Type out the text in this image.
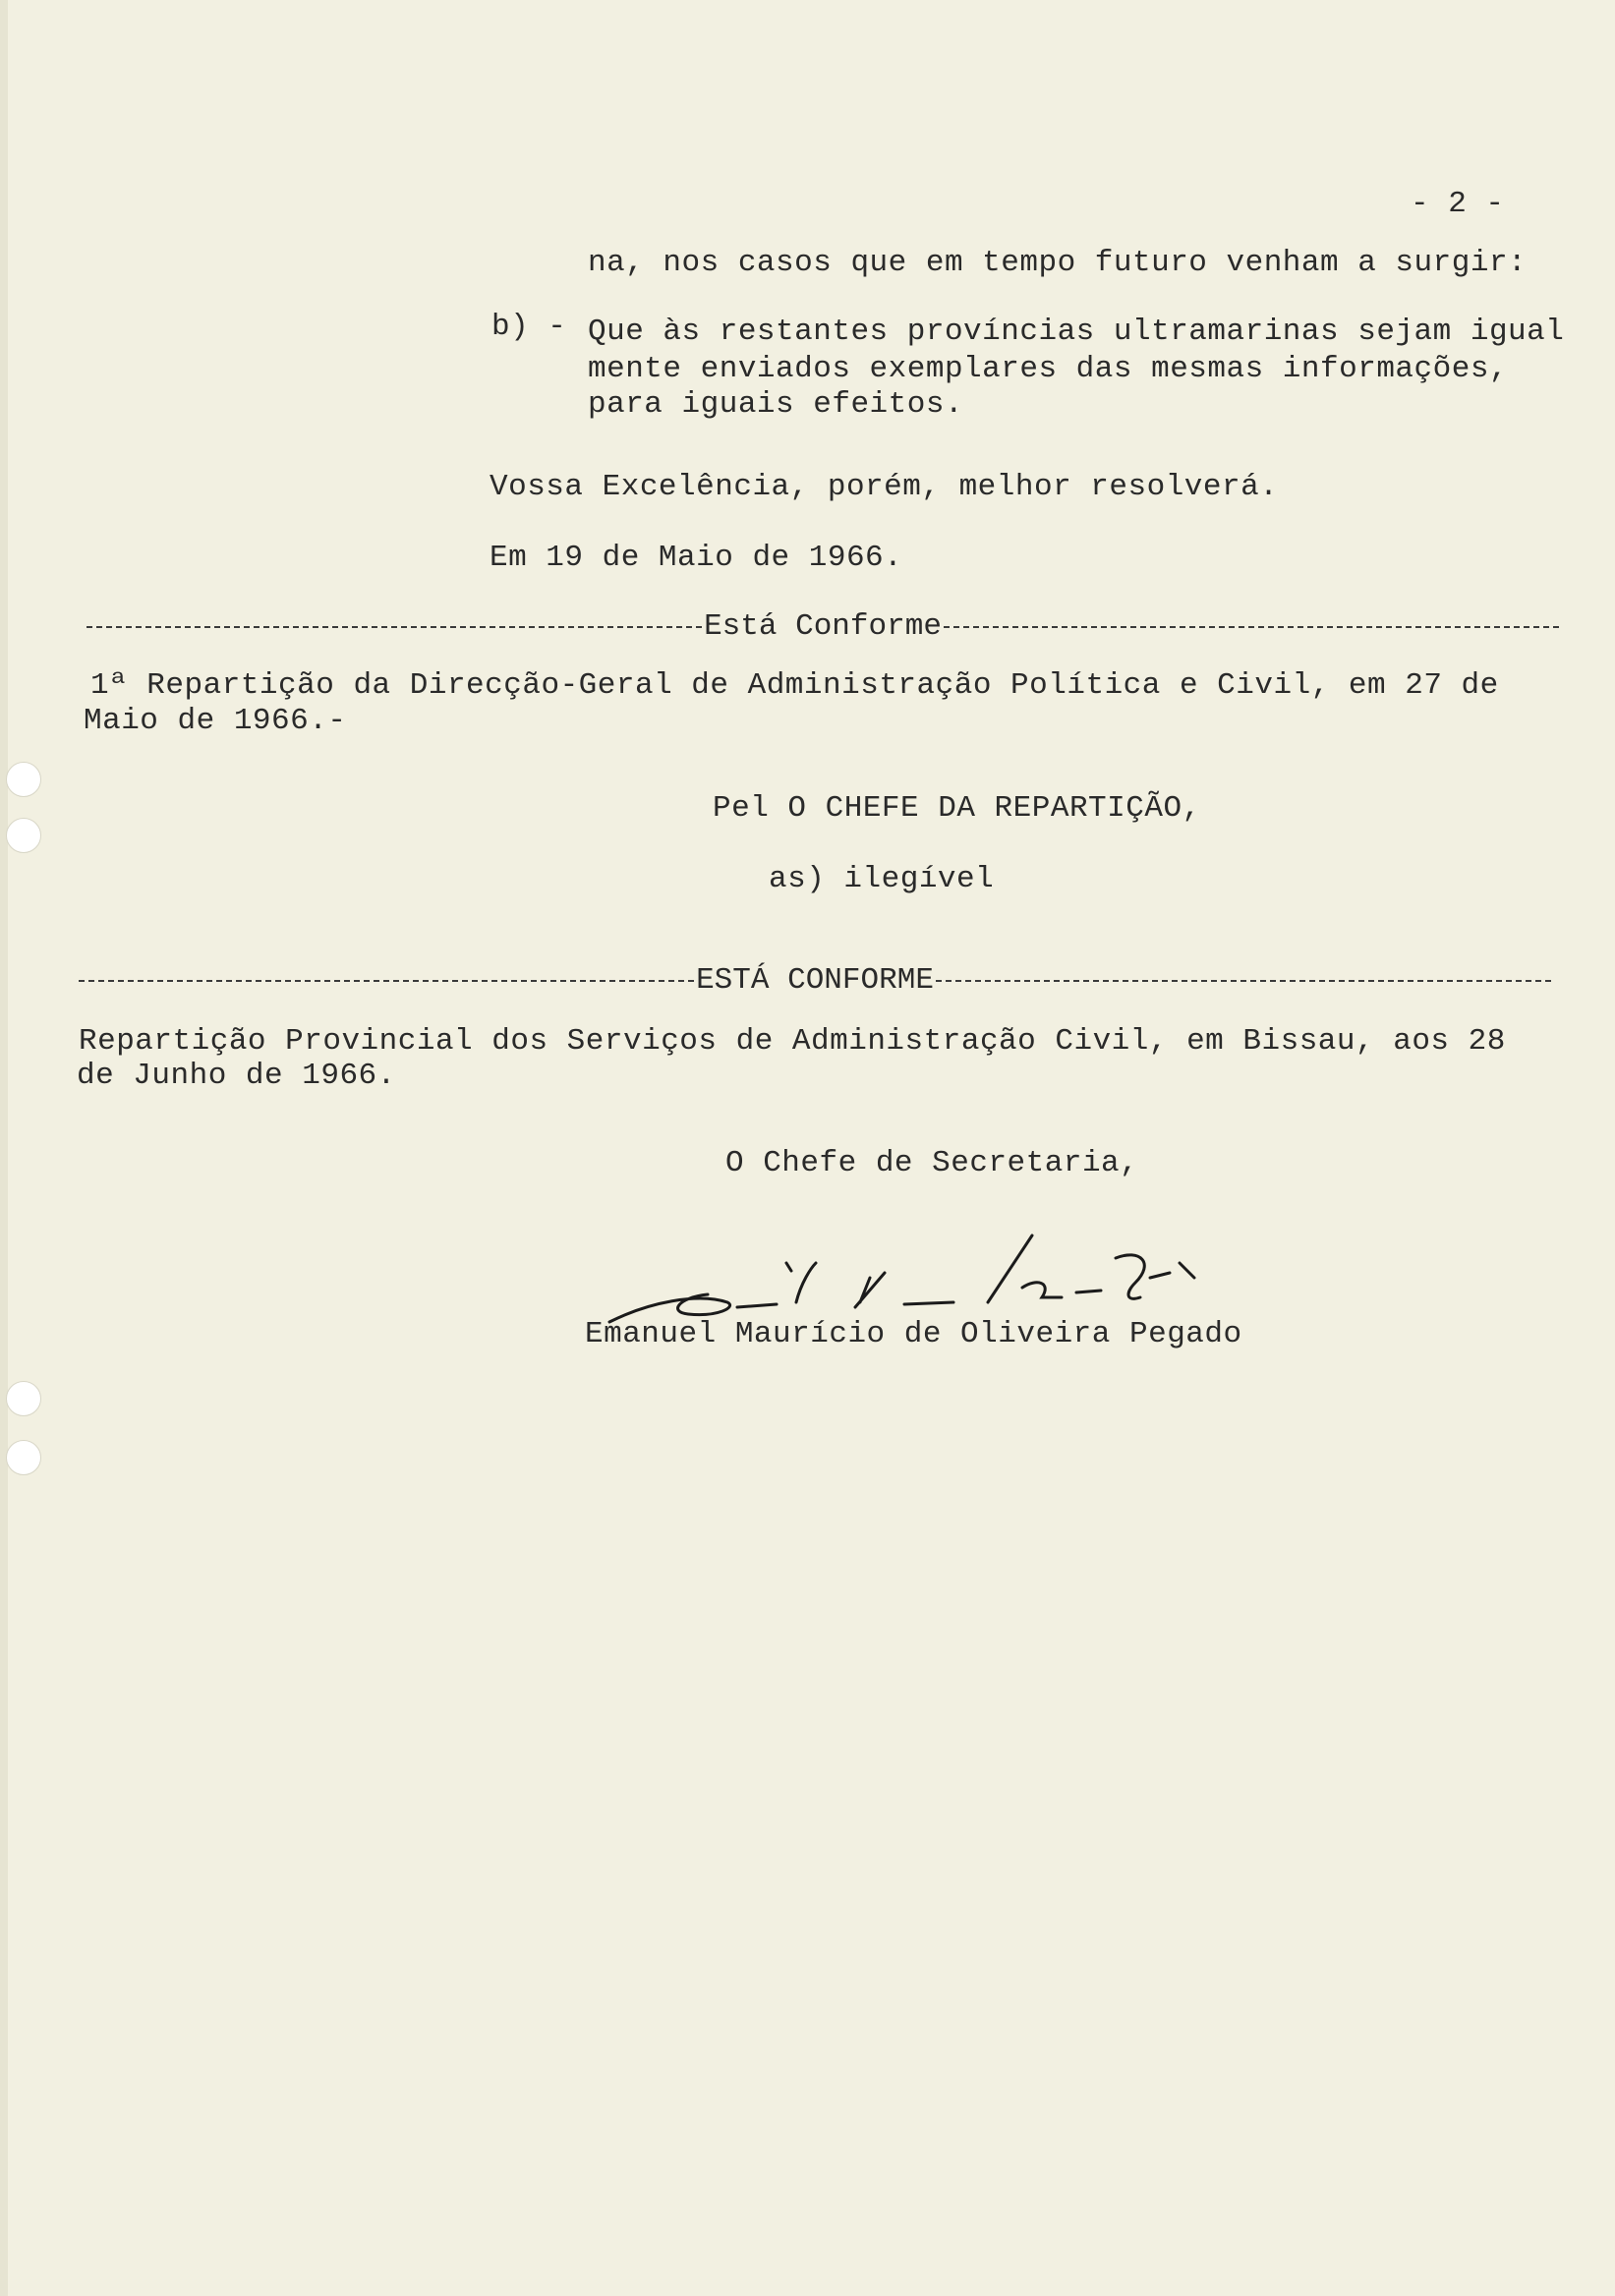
- 2 -
na, nos casos que em tempo futuro venham a surgir:
b) - Que às restantes províncias ultramarinas sejam igual
mente enviados exemplares das mesmas informações,
para iguais efeitos.
Vossa Excelência, porém, melhor resolverá.
Em 19 de Maio de 1966.
Está Conforme
1ª Repartição da Direcção-Geral de Administração Política e Civil, em 27 de
Maio de 1966.-
Pel O CHEFE DA REPARTIÇÃO,
as) ilegível
ESTÁ CONFORME
Repartição Provincial dos Serviços de Administração Civil, em Bissau, aos 28
de Junho de 1966.
O Chefe de Secretaria,
Emanuel Maurício de Oliveira Pegado
